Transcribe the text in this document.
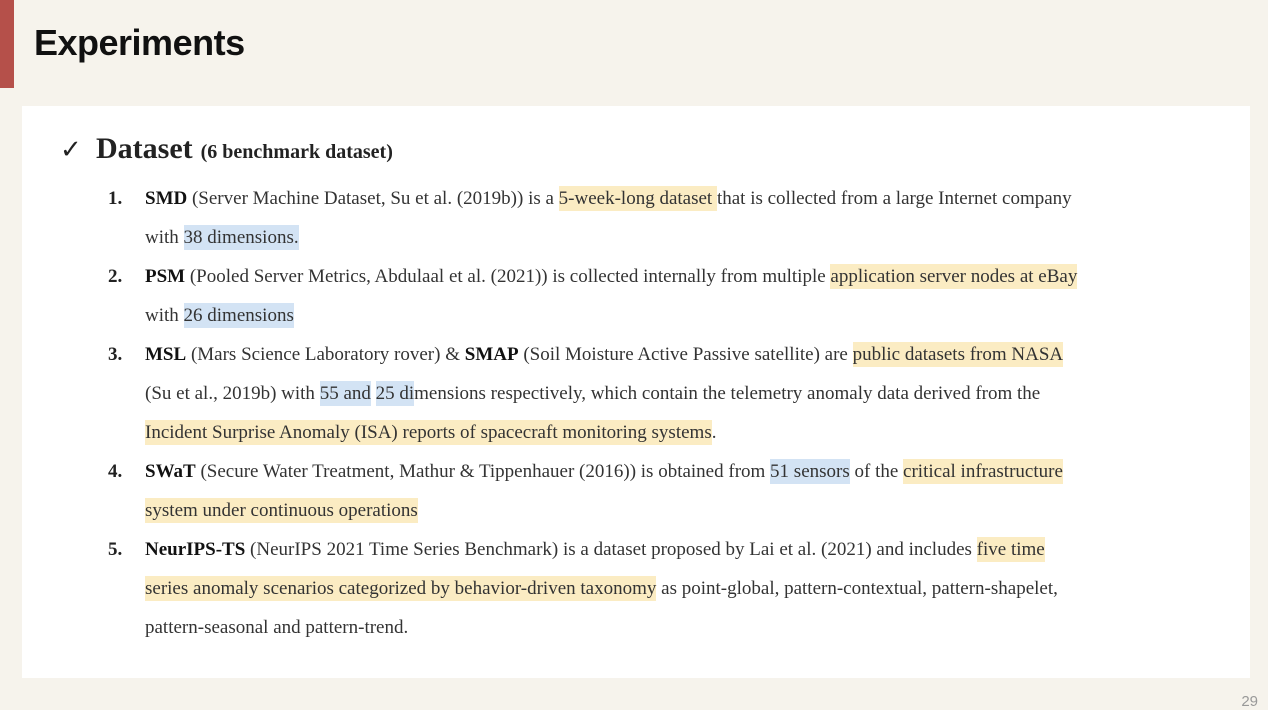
Experiments
✓ Dataset (6 benchmark dataset)
1. SMD (Server Machine Dataset, Su et al. (2019b)) is a 5-week-long dataset that is collected from a large Internet company
with 38 dimensions.
2. PSM (Pooled Server Metrics, Abdulaal et al. (2021)) is collected internally from multiple application server nodes at eBay
with 26 dimensions
3. MSL (Mars Science Laboratory rover) & SMAP (Soil Moisture Active Passive satellite) are public datasets from NASA
(Su et al., 2019b) with 55 and 25 dimensions respectively, which contain the telemetry anomaly data derived from the
Incident Surprise Anomaly (ISA) reports of spacecraft monitoring systems.
4. SWaT (Secure Water Treatment, Mathur & Tippenhauer (2016)) is obtained from 51 sensors of the critical infrastructure
system under continuous operations
5. NeurIPS-TS (NeurIPS 2021 Time Series Benchmark) is a dataset proposed by Lai et al. (2021) and includes five time
series anomaly scenarios categorized by behavior-driven taxonomy as point-global, pattern-contextual, pattern-shapelet,
pattern-seasonal and pattern-trend.
29
